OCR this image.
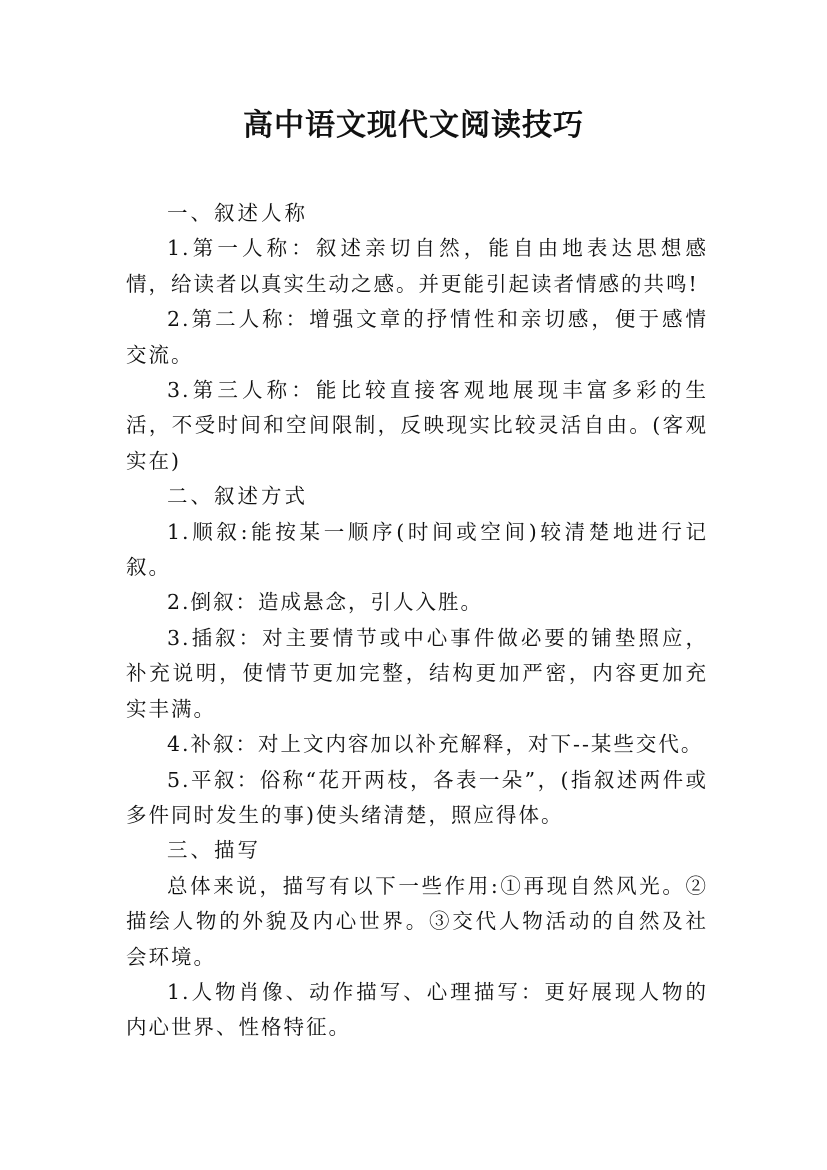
高中语文现代文阅读技巧

一、叙述人称

1.第一人称：叙述亲切自然，能自由地表达思想感情，给读者以真实生动之感。并更能引起读者情感的共鸣!

2.第二人称：增强文章的抒情性和亲切感，便于感情交流。

3.第三人称：能比较直接客观地展现丰富多彩的生活，不受时间和空间限制，反映现实比较灵活自由。(客观实在)

二、叙述方式

1.顺叙:能按某一顺序(时间或空间)较清楚地进行记叙。

2.倒叙：造成悬念，引人入胜。

3.插叙：对主要情节或中心事件做必要的铺垫照应，补充说明，使情节更加完整，结构更加严密，内容更加充实丰满。

4.补叙：对上文内容加以补充解释，对下--某些交代。

5.平叙：俗称“花开两枝，各表一朵”，(指叙述两件或多件同时发生的事)使头绪清楚，照应得体。

三、描写

总体来说，描写有以下一些作用:①再现自然风光。②描绘人物的外貌及内心世界。③交代人物活动的自然及社会环境。

1.人物肖像、动作描写、心理描写：更好展现人物的内心世界、性格特征。
